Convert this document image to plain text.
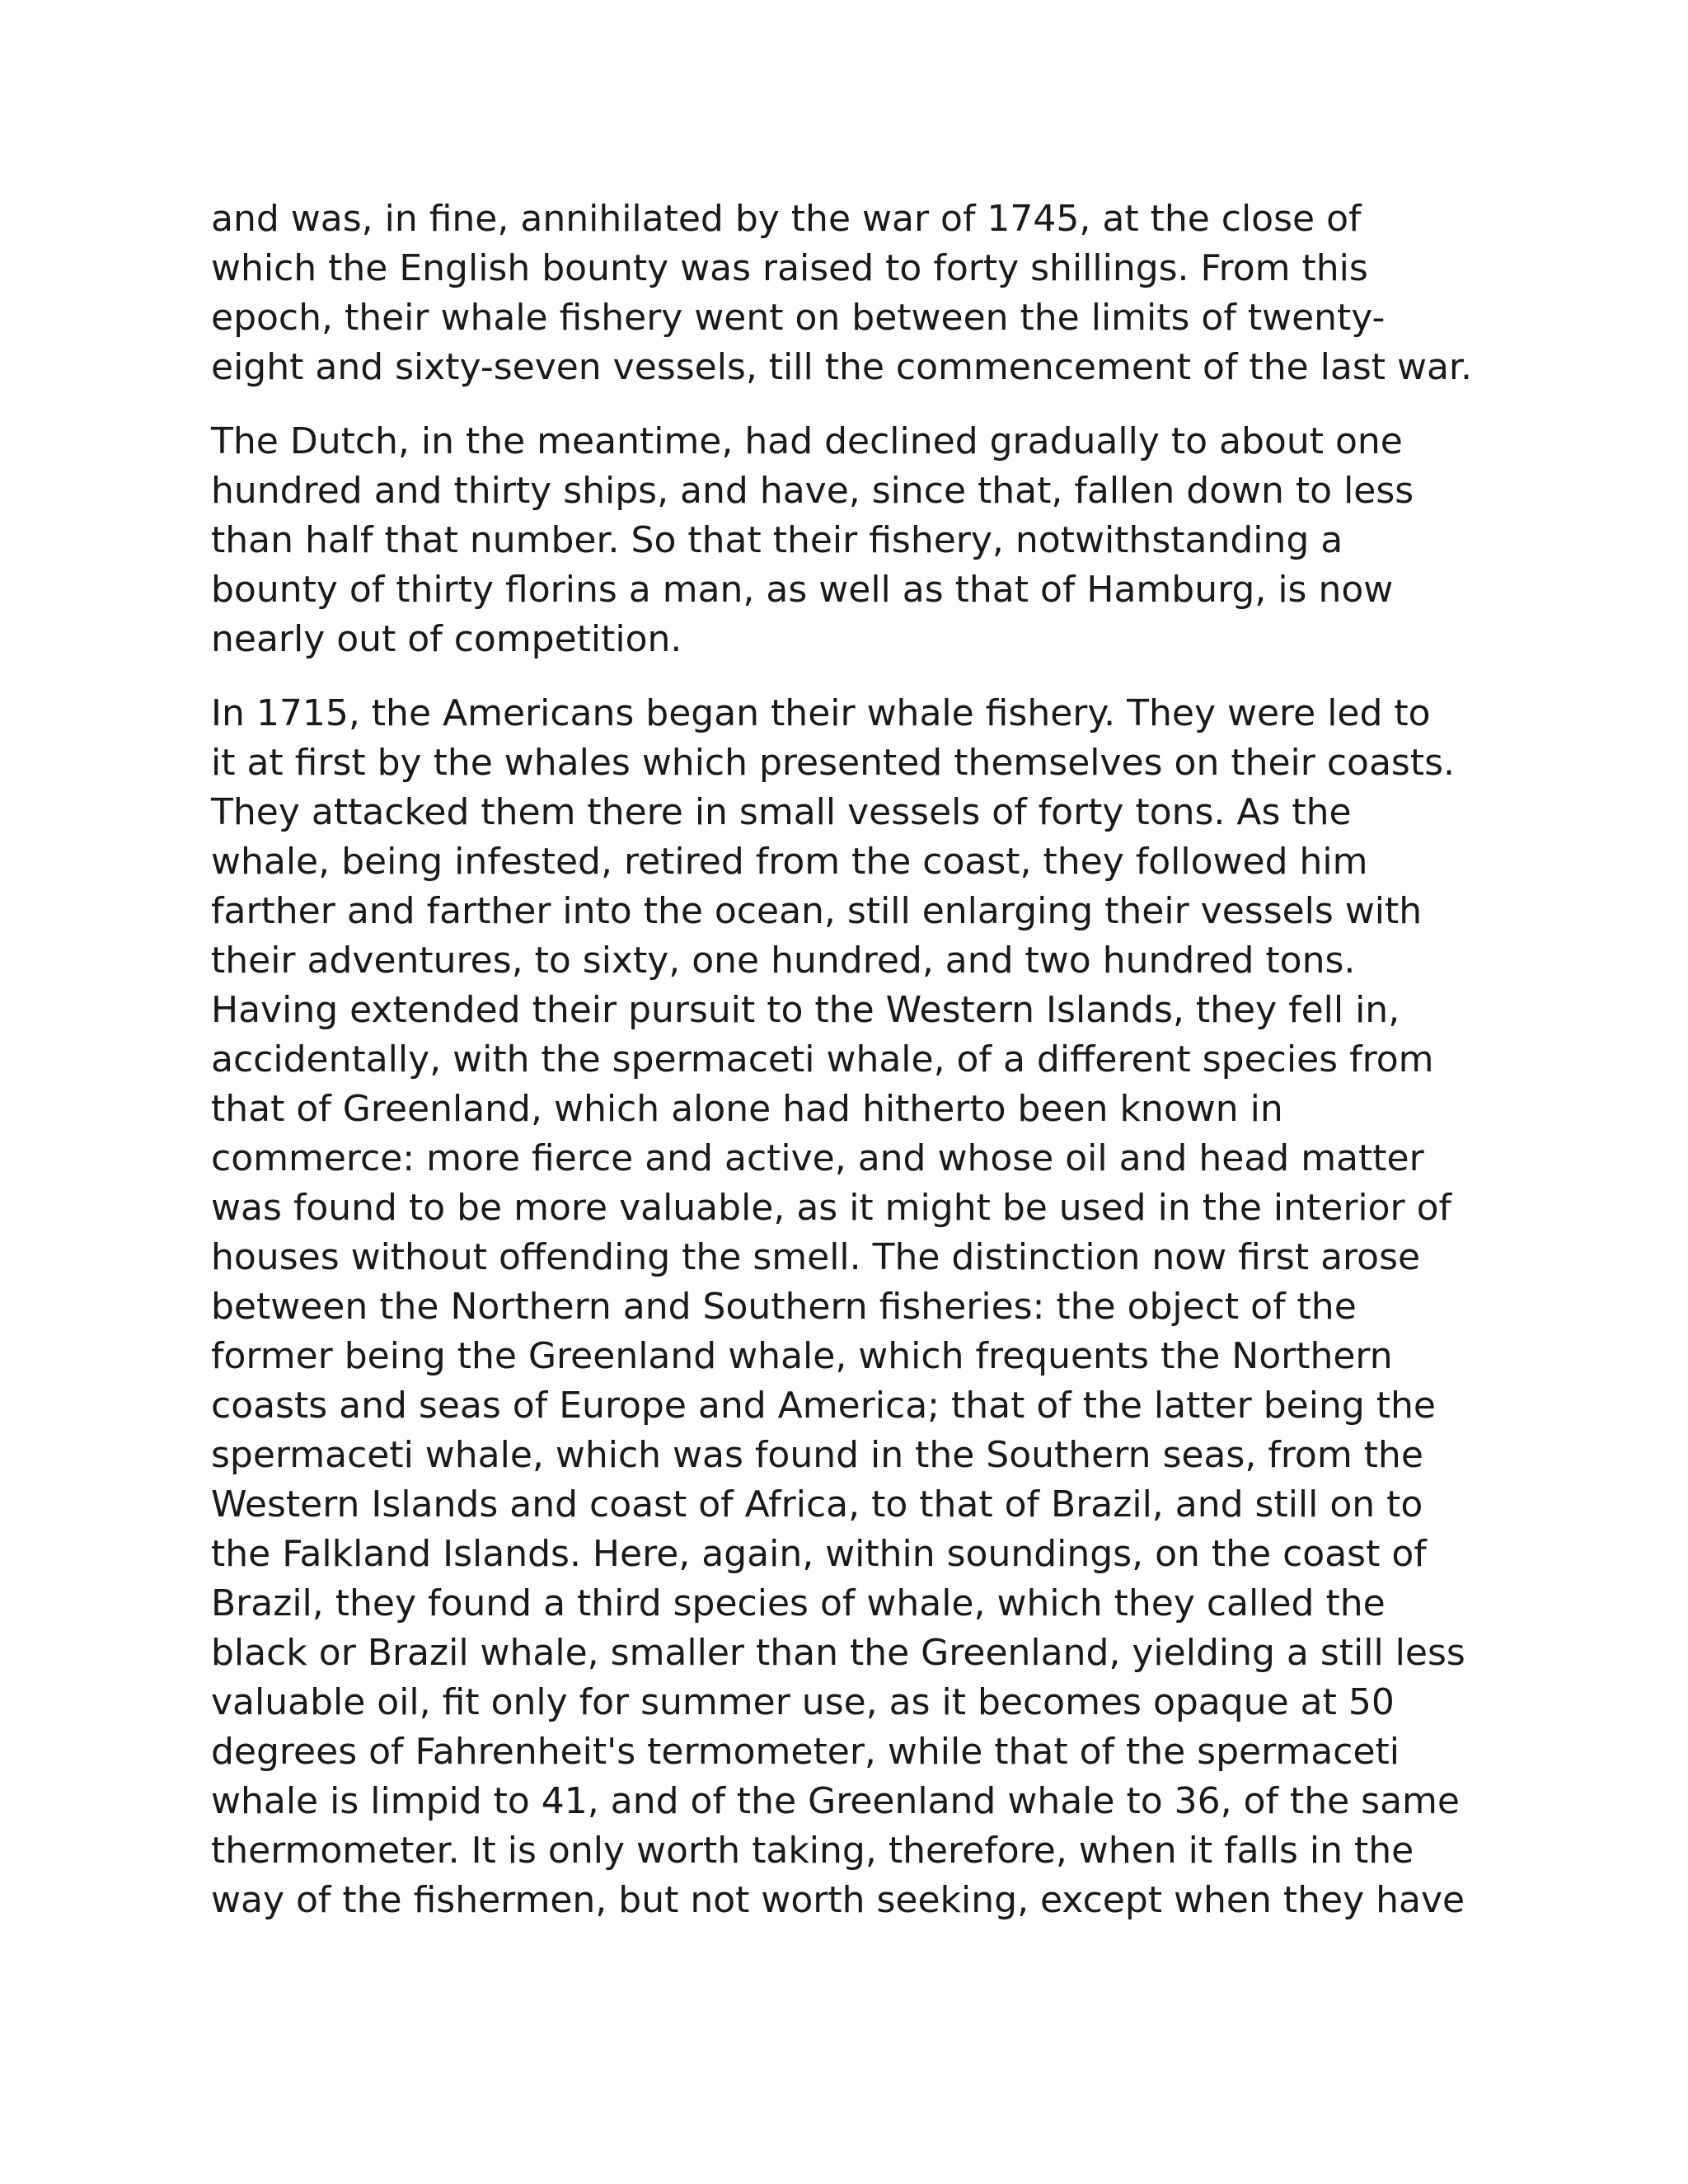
and was, in fine, annihilated by the war of 1745, at the close of
which the English bounty was raised to forty shillings. From this
epoch, their whale fishery went on between the limits of twenty-
eight and sixty-seven vessels, till the commencement of the last war.
The Dutch, in the meantime, had declined gradually to about one
hundred and thirty ships, and have, since that, fallen down to less
than half that number. So that their fishery, notwithstanding a
bounty of thirty florins a man, as well as that of Hamburg, is now
nearly out of competition.
In 1715, the Americans began their whale fishery. They were led to
it at first by the whales which presented themselves on their coasts.
They attacked them there in small vessels of forty tons. As the
whale, being infested, retired from the coast, they followed him
farther and farther into the ocean, still enlarging their vessels with
their adventures, to sixty, one hundred, and two hundred tons.
Having extended their pursuit to the Western Islands, they fell in,
accidentally, with the spermaceti whale, of a different species from
that of Greenland, which alone had hitherto been known in
commerce: more fierce and active, and whose oil and head matter
was found to be more valuable, as it might be used in the interior of
houses without offending the smell. The distinction now first arose
between the Northern and Southern fisheries: the object of the
former being the Greenland whale, which frequents the Northern
coasts and seas of Europe and America; that of the latter being the
spermaceti whale, which was found in the Southern seas, from the
Western Islands and coast of Africa, to that of Brazil, and still on to
the Falkland Islands. Here, again, within soundings, on the coast of
Brazil, they found a third species of whale, which they called the
black or Brazil whale, smaller than the Greenland, yielding a still less
valuable oil, fit only for summer use, as it becomes opaque at 50
degrees of Fahrenheit's termometer, while that of the spermaceti
whale is limpid to 41, and of the Greenland whale to 36, of the same
thermometer. It is only worth taking, therefore, when it falls in the
way of the fishermen, but not worth seeking, except when they have
